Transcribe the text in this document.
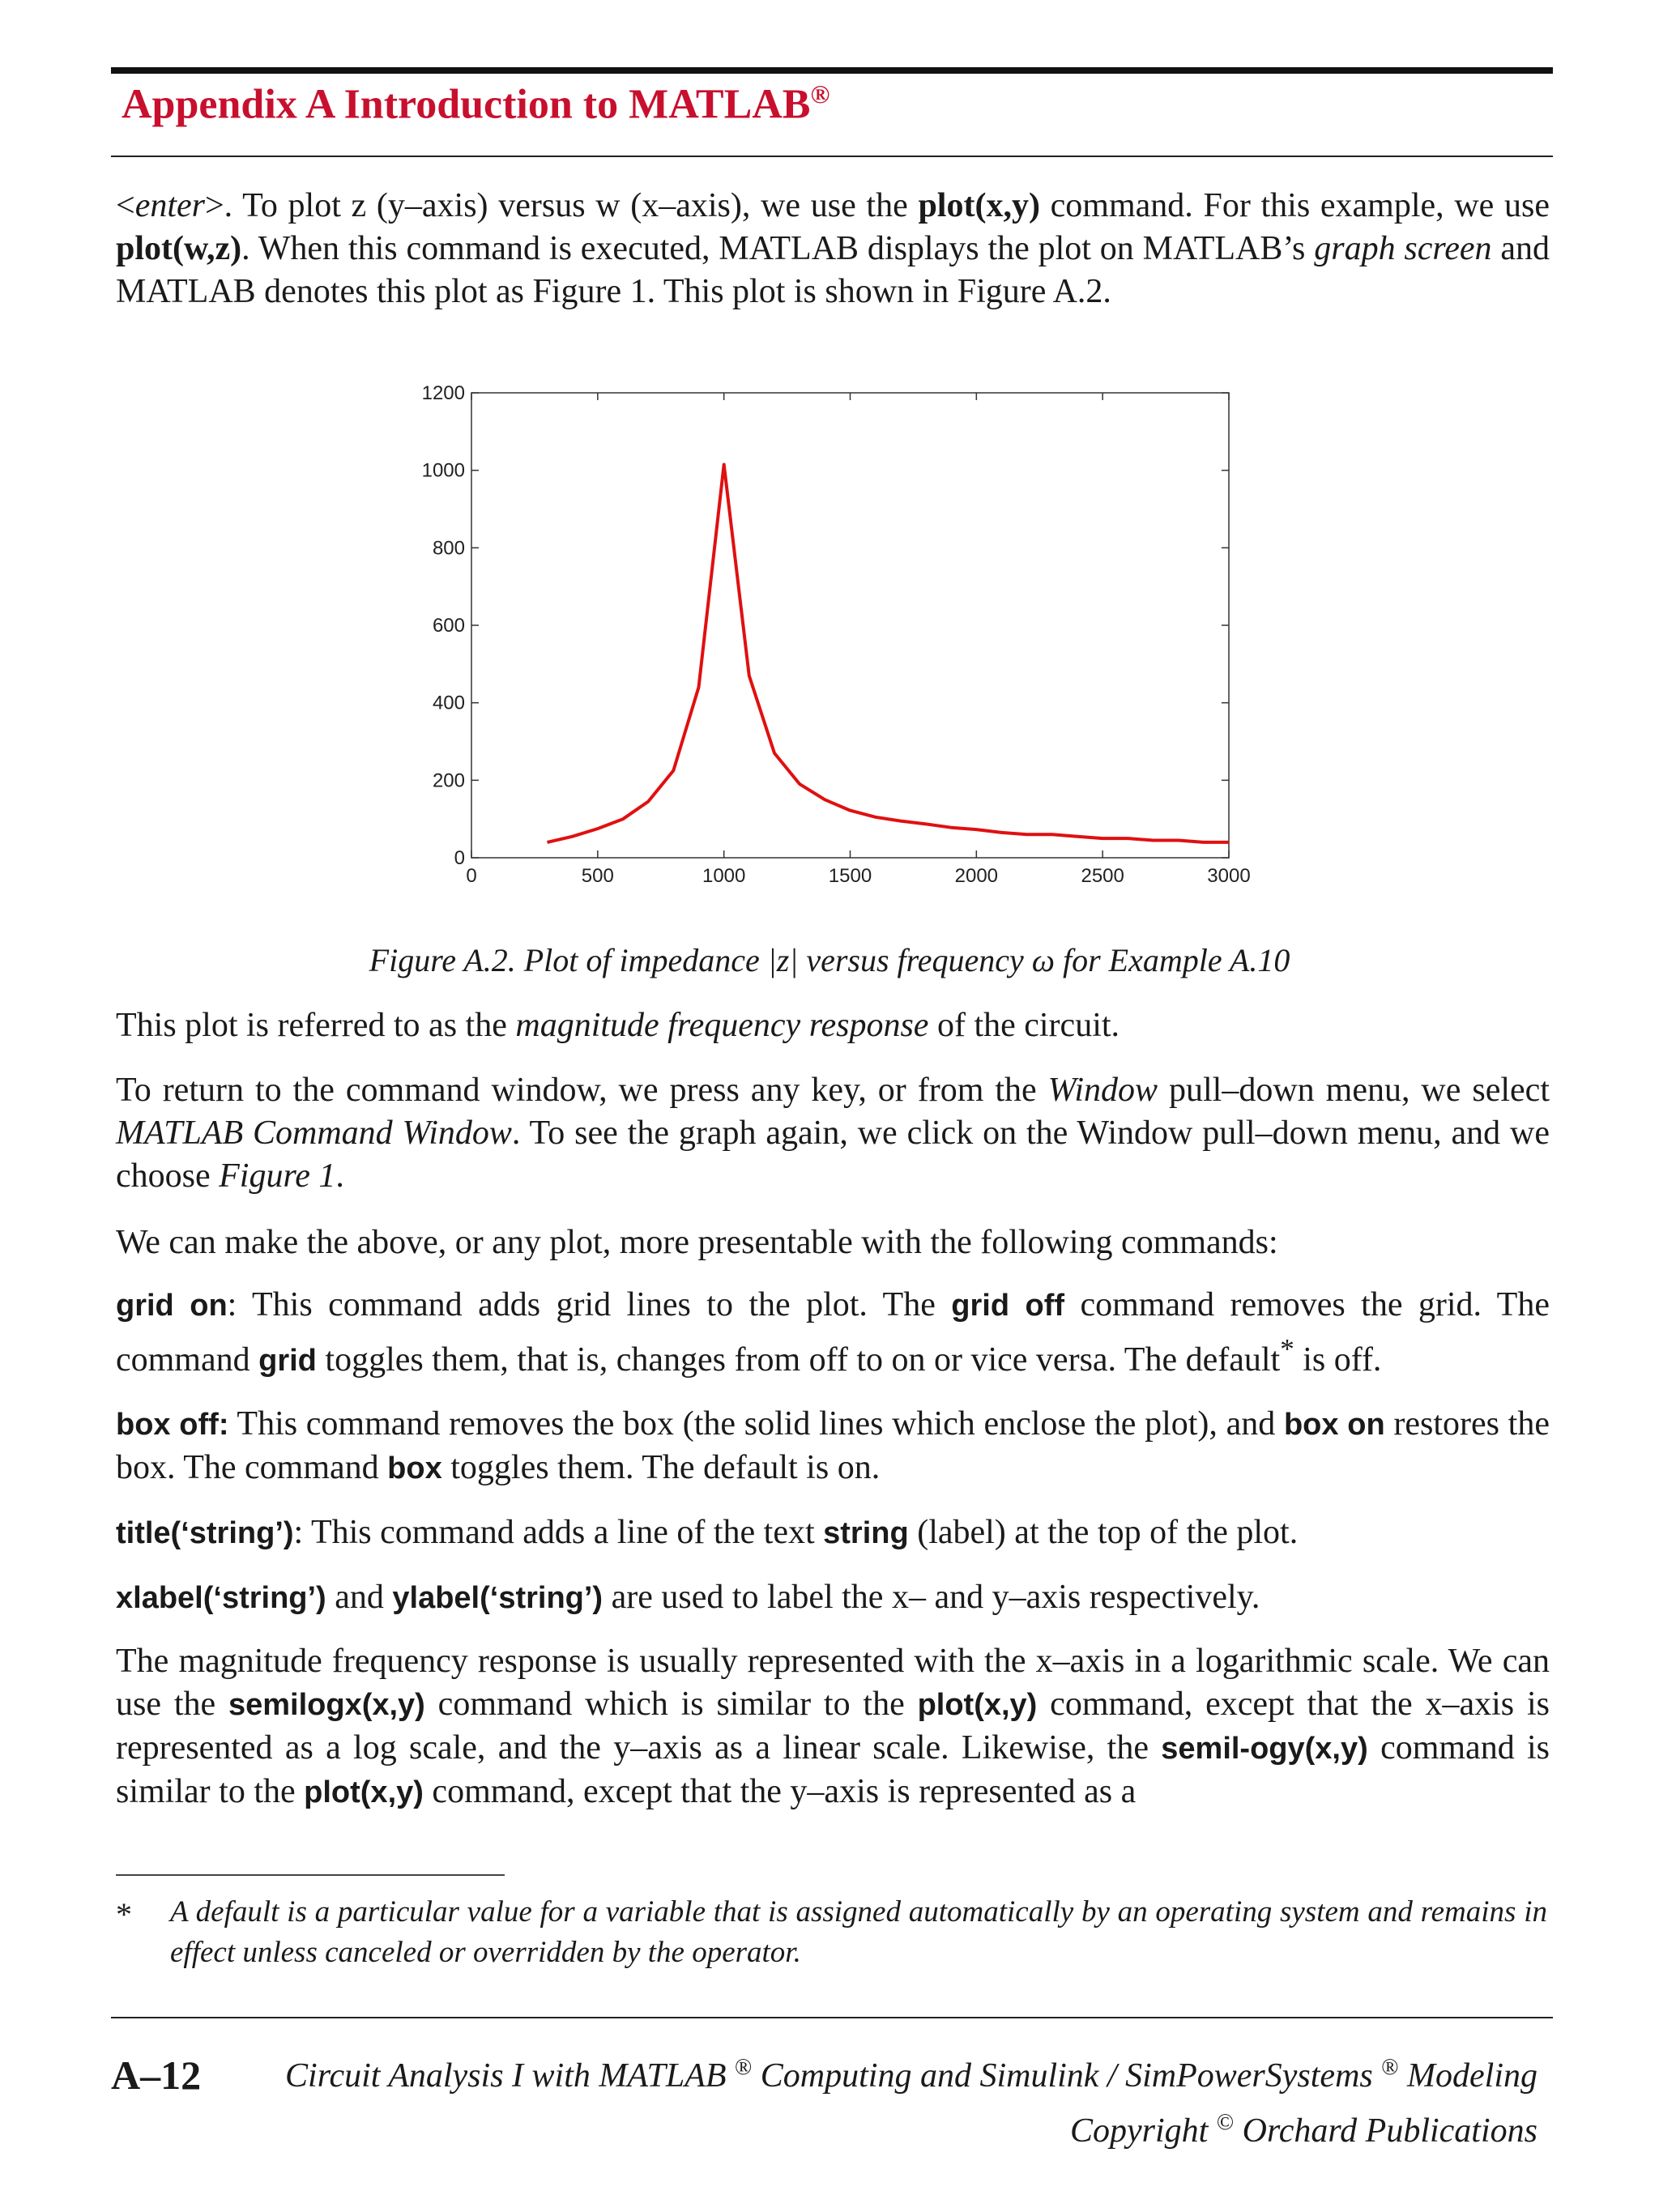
Appendix A Introduction to MATLAB®
<enter>. To plot z (y–axis) versus w (x–axis), we use the plot(x,y) command. For this example, we use plot(w,z). When this command is executed, MATLAB displays the plot on MATLAB’s graph screen and MATLAB denotes this plot as Figure 1. This plot is shown in Figure A.2.
0	500	1000	1500	2000	2500	3000
0
200
400
600
800
1000
1200
Figure A.2. Plot of impedance |z| versus frequency ω for Example A.10
This plot is referred to as the magnitude frequency response of the circuit.
To return to the command window, we press any key, or from the Window pull–down menu, we select MATLAB Command Window. To see the graph again, we click on the Window pull–down menu, and we choose Figure 1.
We can make the above, or any plot, more presentable with the following commands:
grid on: This command adds grid lines to the plot. The grid off command removes the grid. The command grid toggles them, that is, changes from off to on or vice versa. The default* is off.
box off: This command removes the box (the solid lines which enclose the plot), and box on restores the box. The command box toggles them. The default is on.
title(‘string’): This command adds a line of the text string (label) at the top of the plot.
xlabel(‘string’) and ylabel(‘string’) are used to label the x– and y–axis respectively.
The magnitude frequency response is usually represented with the x–axis in a logarithmic scale. We can use the semilogx(x,y) command which is similar to the plot(x,y) command, except that the x–axis is represented as a log scale, and the y–axis as a linear scale. Likewise, the semil-ogy(x,y) command is similar to the plot(x,y) command, except that the y–axis is represented as a
* A default is a particular value for a variable that is assigned automatically by an operating system and remains in effect unless canceled or overridden by the operator.
A–12 Circuit Analysis I with MATLAB ® Computing and Simulink / SimPowerSystems ® Modeling
Copyright © Orchard Publications
